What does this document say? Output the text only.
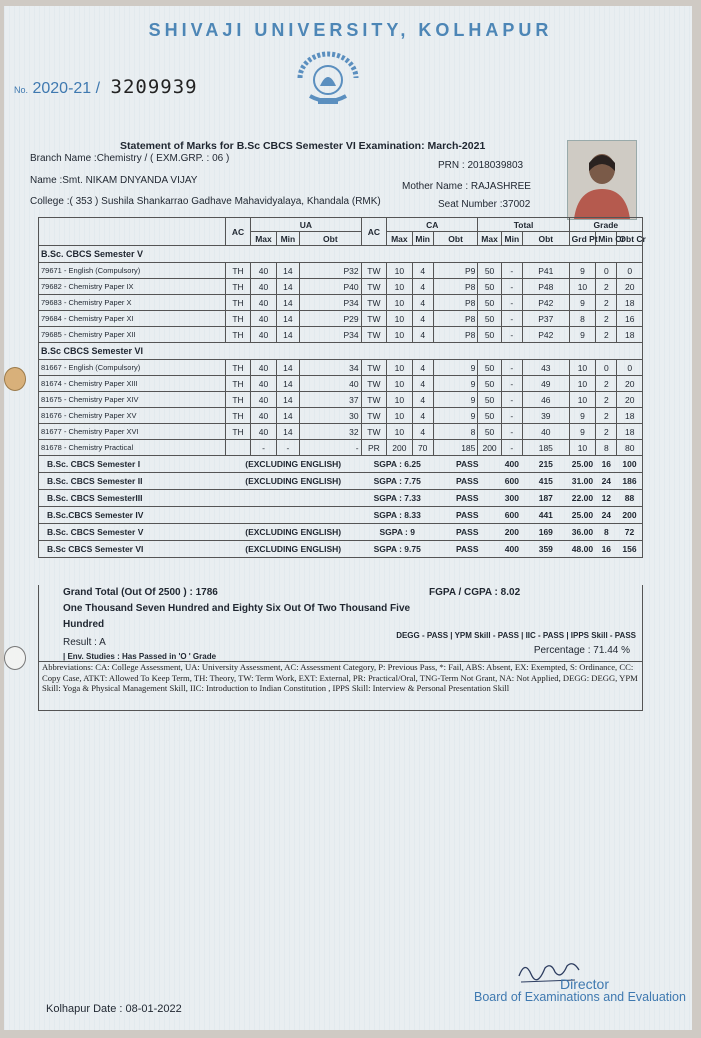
SHIVAJI UNIVERSITY, KOLHAPUR
No. 2020-21 / 3209939
Statement of Marks for B.Sc CBCS Semester VI Examination: March-2021
Branch Name :Chemistry / ( EXM.GRP. : 06 )
PRN : 2018039803
Name :Smt. NIKAM DNYANDA VIJAY
Mother Name : RAJASHREE
College :( 353 ) Sushila Shankarrao Gadhave Mahavidyalaya, Khandala (RMK)	Seat Number :37002
	AC	UA			AC	CA			Total			Grade		
		Max	Min	Obt		Max	Min	Obt	Max	Min	Obt	Grd Pt	Min Cr	Obt Cr
B.Sc. CBCS Semester V														
79671 - English (Compulsory)	TH	40	14	P32	TW	10	4	P9	50	-	P41	9	0	0
79682 - Chemistry Paper IX	TH	40	14	P40	TW	10	4	P8	50	-	P48	10	2	20
79683 - Chemistry Paper X	TH	40	14	P34	TW	10	4	P8	50	-	P42	9	2	18
79684 - Chemistry Paper XI	TH	40	14	P29	TW	10	4	P8	50	-	P37	8	2	16
79685 - Chemistry Paper XII	TH	40	14	P34	TW	10	4	P8	50	-	P42	9	2	18
B.Sc CBCS Semester VI														
81667 - English (Compulsory)	TH	40	14	34	TW	10	4	9	50	-	43	10	0	0
81674 - Chemistry Paper XIII	TH	40	14	40	TW	10	4	9	50	-	49	10	2	20
81675 - Chemistry Paper XIV	TH	40	14	37	TW	10	4	9	50	-	46	10	2	20
81676 - Chemistry Paper XV	TH	40	14	30	TW	10	4	9	50	-	39	9	2	18
81677 - Chemistry Paper XVI	TH	40	14	32	TW	10	4	8	50	-	40	9	2	18
81678 - Chemistry Practical		-	-	-	PR	200	70	185	200	-	185	10	8	80
B.Sc. CBCS Semester I	(EXCLUDING ENGLISH)				SGPA : 6.25			PASS		400	215	25.00	16	100
B.Sc. CBCS Semester II	(EXCLUDING ENGLISH)				SGPA : 7.75			PASS		600	415	31.00	24	186
B.Sc. CBCS SemesterIII					SGPA : 7.33			PASS		300	187	22.00	12	88
B.Sc.CBCS Semester IV					SGPA : 8.33			PASS		600	441	25.00	24	200
B.Sc. CBCS Semester V	(EXCLUDING ENGLISH)				SGPA : 9			PASS		200	169	36.00	8	72
B.Sc CBCS Semester VI	(EXCLUDING ENGLISH)				SGPA : 9.75			PASS		400	359	48.00	16	156
Grand Total (Out Of 2500 ) : 1786	FGPA / CGPA : 8.02
One Thousand Seven Hundred and Eighty Six Out Of Two Thousand Five Hundred
Result : A
| Env. Studies : Has Passed in 'O ' Grade
DEGG - PASS | YPM Skill - PASS | IIC - PASS | IPPS Skill - PASS
Percentage : 71.44 %
Abbreviations: CA: College Assessment, UA: University Assessment, AC: Assessment Category, P: Previous Pass, *: Fail, ABS: Absent, EX: Exempted, S: Ordinance, CC: Copy Case, ATKT: Allowed To Keep Term, TH: Theory, TW: Term Work, EXT: External, PR: Practical/Oral, TNG-Term Not Grant, NA: Not Applied, DEGG: DEGG, YPM Skill: Yoga & Physical Management Skill, IIC: Introduction to Indian Constitution , IPPS Skill: Interview & Personal Presentation Skill
Director
Board of Examinations and Evaluation
Kolhapur Date : 08-01-2022
